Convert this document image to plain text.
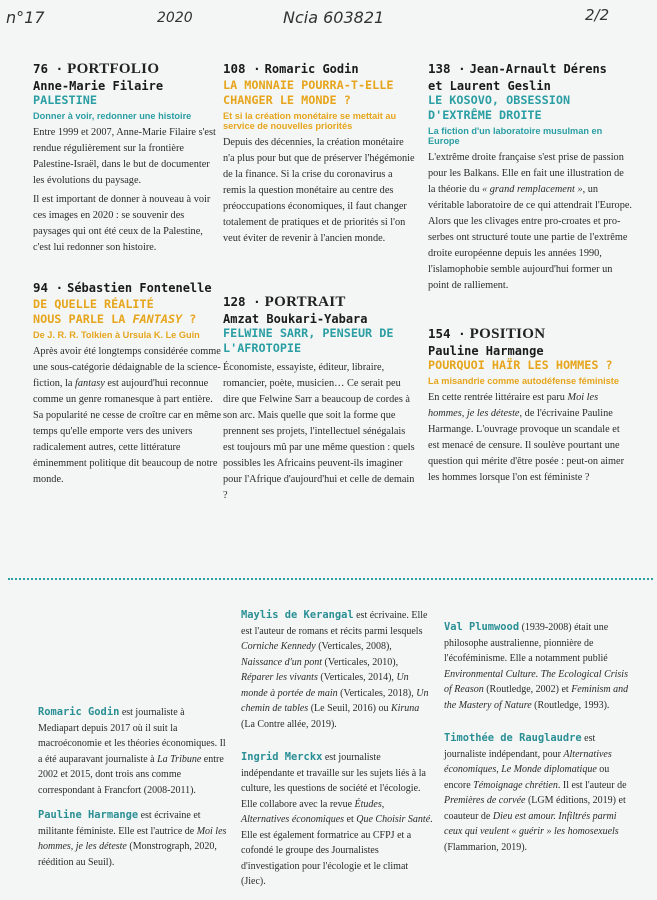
n°17	2020	Ncia 603821	2/2
76 · PORTFOLIO
Anne-Marie Filaire
PALESTINE
Donner à voir, redonner une histoire

Entre 1999 et 2007, Anne-Marie Filaire s'est rendue régulièrement sur la frontière Palestine-Israël, dans le but de documenter les évolutions du paysage.

Il est important de donner à nouveau à voir ces images en 2020 : se souvenir des paysages qui ont été ceux de la Palestine, c'est lui redonner son histoire.

94 · Sébastien Fontenelle
DE QUELLE RÉALITÉ
NOUS PARLE LA FANTASY ?
De J. R. R. Tolkien à Ursula K. Le Guin
Après avoir été longtemps considérée comme une sous-catégorie dédaignable de la science-fiction, la fantasy est aujourd'hui reconnue comme un genre romanesque à part entière. Sa popularité ne cesse de croître car en même temps qu'elle emporte vers des univers radicalement autres, cette littérature éminemment politique dit beaucoup de notre monde.
108 · Romaric Godin
LA MONNAIE POURRA-T-ELLE CHANGER LE MONDE ?
Et si la création monétaire se mettait au service de nouvelles priorités
Depuis des décennies, la création monétaire n'a plus pour but que de préserver l'hégémonie de la finance. Si la crise du coronavirus a remis la question monétaire au centre des préoccupations économiques, il faut changer totalement de pratiques et de priorités si l'on veut éviter de revenir à l'ancien monde.
128 · PORTRAIT
Amzat Boukari-Yabara
FELWINE SARR, PENSEUR DE L'AFROTOPIE
Économiste, essayiste, éditeur, libraire, romancier, poète, musicien… Ce serait peu dire que Felwine Sarr a beaucoup de cordes à son arc. Mais quelle que soit la forme que prennent ses projets, l'intellectuel sénégalais est toujours mû par une même question : quels possibles les Africains peuvent-ils imaginer pour l'Afrique d'aujourd'hui et celle de demain ?
138 · Jean-Arnault Dérens
et Laurent Geslin
LE KOSOVO, OBSESSION D'EXTRÊME DROITE
La fiction d'un laboratoire musulman en Europe
L'extrême droite française s'est prise de passion pour les Balkans. Elle en fait une illustration de la théorie du « grand remplacement », un véritable laboratoire de ce qui attendrait l'Europe. Alors que les clivages entre pro-croates et pro-serbes ont structuré toute une partie de l'extrême droite européenne depuis les années 1990, l'islamophobie semble aujourd'hui former un point de ralliement.
154 · POSITION
Pauline Harmange
POURQUOI HAÏR LES HOMMES ?
La misandrie comme autodéfense féministe
En cette rentrée littéraire est paru Moi les hommes, je les déteste, de l'écrivaine Pauline Harmange. L'ouvrage provoque un scandale et est menacé de censure. Il soulève pourtant une question qui mérite d'être posée : peut-on aimer les hommes lorsque l'on est féministe ?

Romaric Godin est journaliste à Mediapart depuis 2017 où il suit la macroéconomie et les théories économiques. Il a été auparavant journaliste à La Tribune entre 2002 et 2015, dont trois ans comme correspondant à Francfort (2008-2011).

Pauline Harmange est écrivaine et militante féministe. Elle est l'autrice de Moi les hommes, je les déteste (Monstrograph, 2020, réédition au Seuil).

Maylis de Kerangal est écrivaine. Elle est l'auteur de romans et récits parmi lesquels Corniche Kennedy (Verticales, 2008), Naissance d'un pont (Verticales, 2010), Réparer les vivants (Verticales, 2014), Un monde à portée de main (Verticales, 2018), Un chemin de tables (Le Seuil, 2016) ou Kiruna (La Contre allée, 2019).

Ingrid Merckx est journaliste indépendante et travaille sur les sujets liés à la culture, les questions de société et l'écologie. Elle collabore avec la revue Études, Alternatives économiques et Que Choisir Santé. Elle est également formatrice au CFPJ et a cofondé le groupe des Journalistes d'investigation pour l'écologie et le climat (Jiec).

Val Plumwood (1939-2008) était une philosophe australienne, pionnière de l'écoféminisme. Elle a notamment publié Environmental Culture. The Ecological Crisis of Reason (Routledge, 2002) et Feminism and the Mastery of Nature (Routledge, 1993).

Timothée de Rauglaudre est journaliste indépendant, pour Alternatives économiques, Le Monde diplomatique ou encore Témoignage chrétien. Il est l'auteur de Premières de corvée (LGM éditions, 2019) et coauteur de Dieu est amour. Infiltrés parmi ceux qui veulent « guérir » les homosexuels (Flammarion, 2019).
